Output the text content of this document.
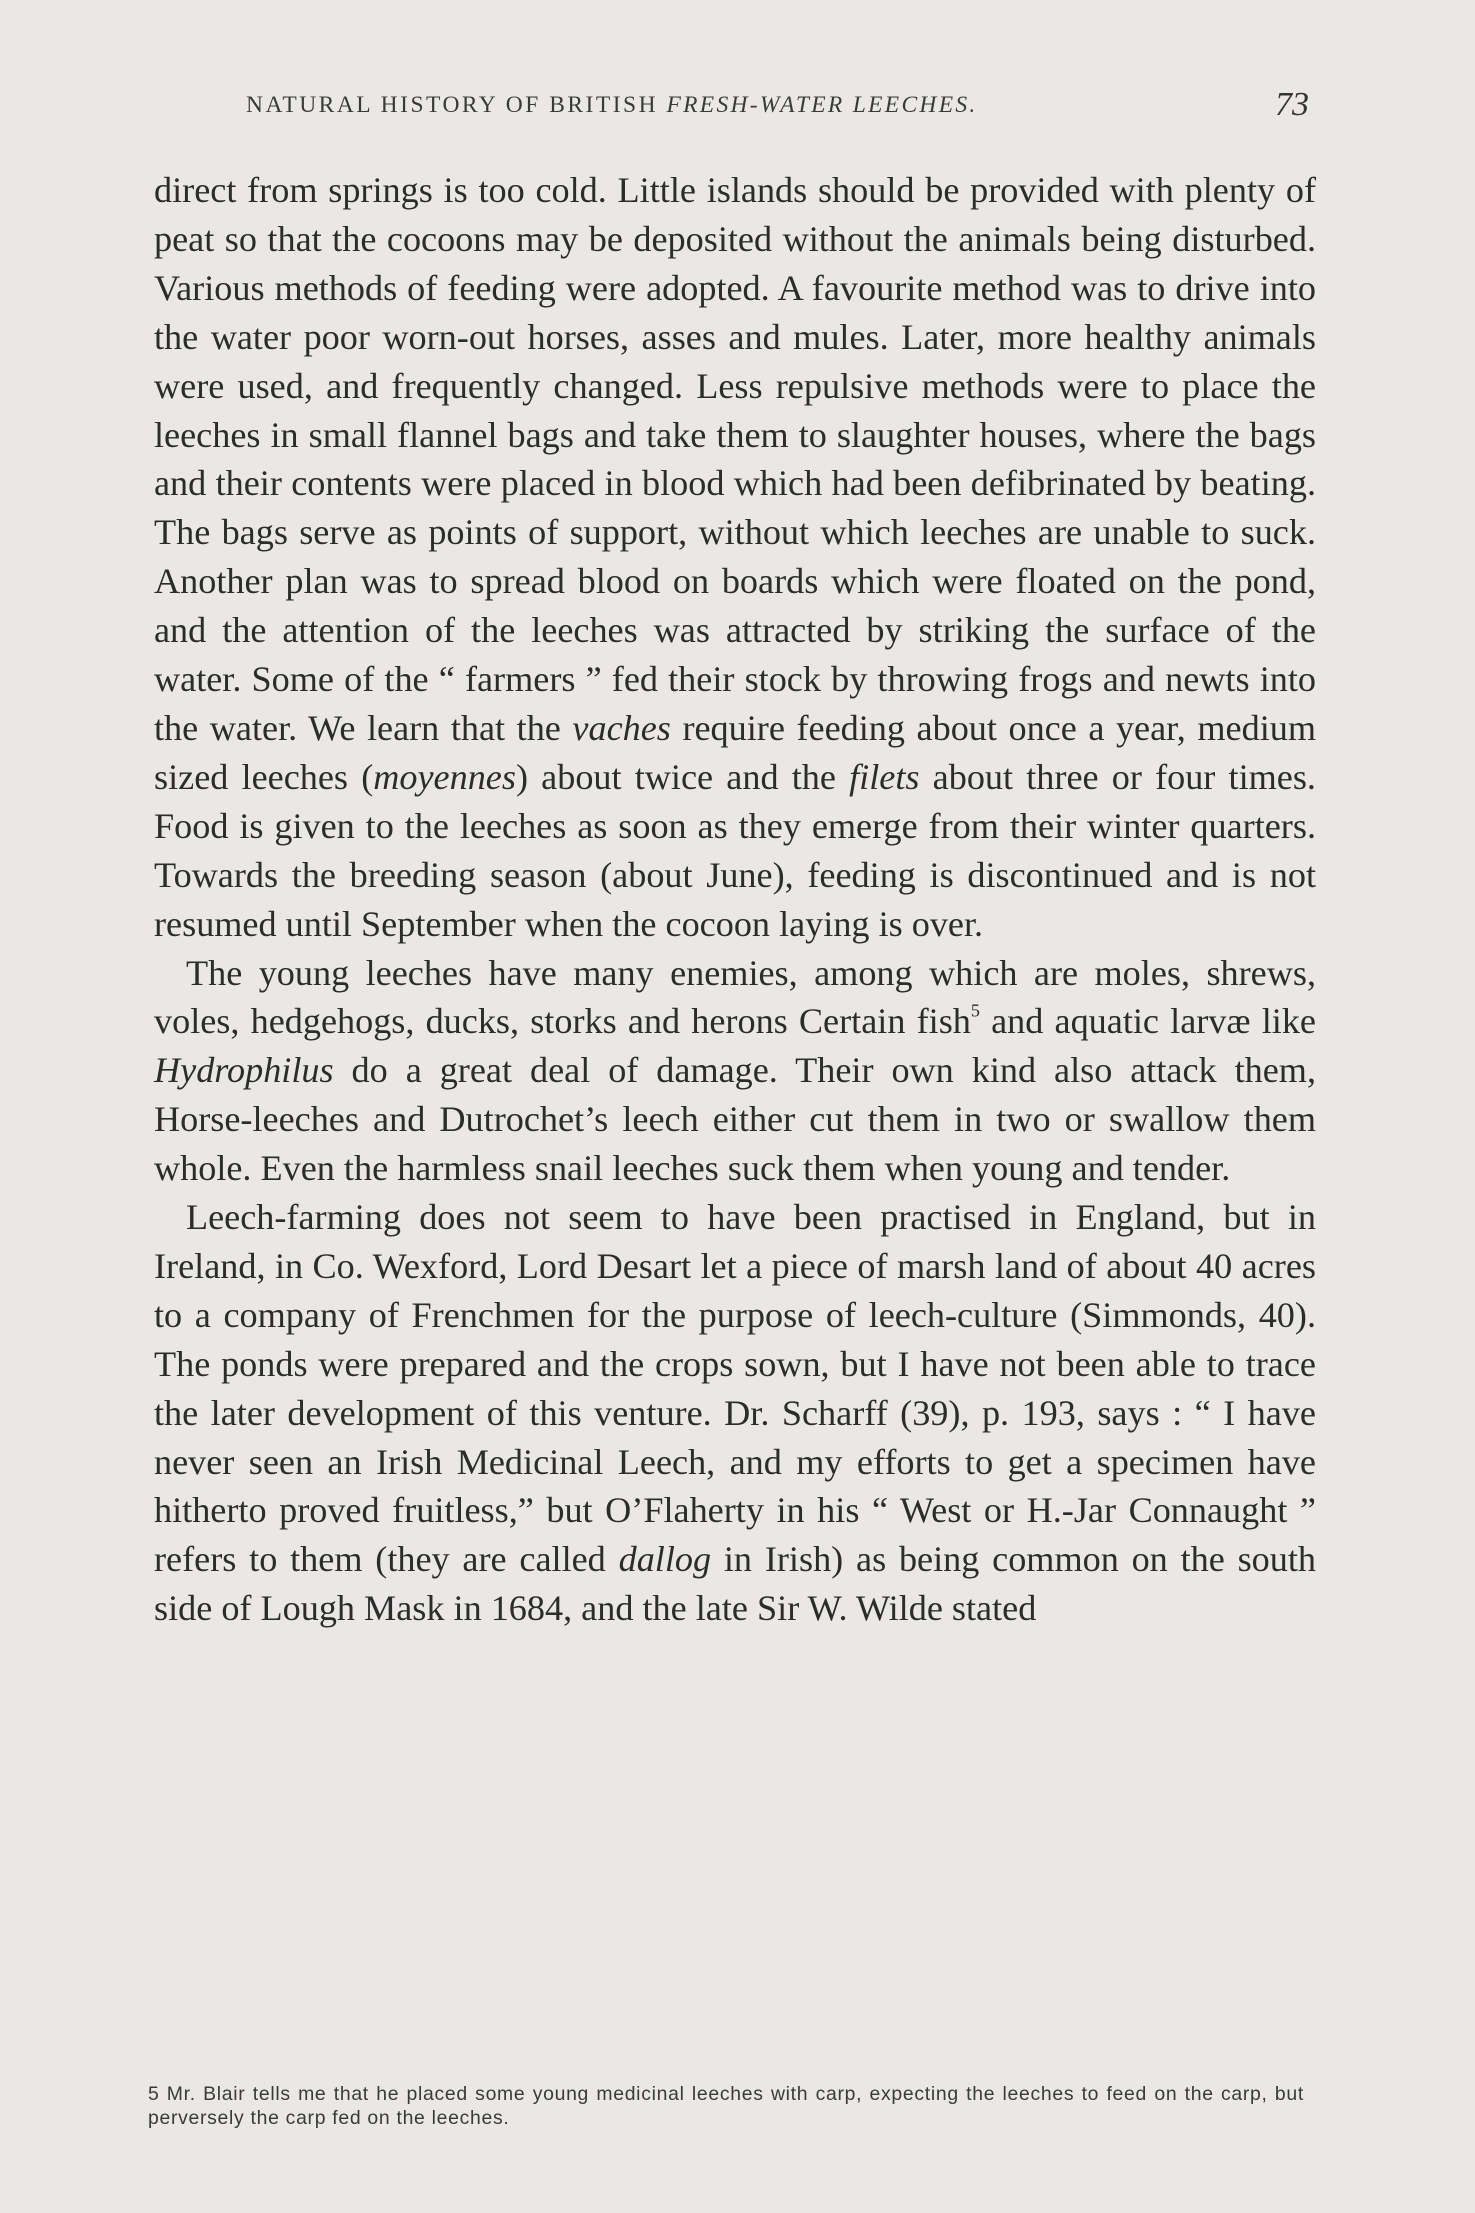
NATURAL HISTORY OF BRITISH FRESH-WATER LEECHES.	73

direct from springs is too cold. Little islands should be provided with plenty of peat so that the cocoons may be deposited without the animals being disturbed. Various methods of feeding were adopted. A favourite method was to drive into the water poor worn-out horses, asses and mules. Later, more healthy animals were used, and frequently changed. Less repulsive methods were to place the leeches in small flannel bags and take them to slaughter houses, where the bags and their contents were placed in blood which had been defibrinated by beating. The bags serve as points of support, without which leeches are unable to suck. Another plan was to spread blood on boards which were floated on the pond, and the attention of the leeches was attracted by striking the surface of the water. Some of the “ farmers ” fed their stock by throwing frogs and newts into the water. We learn that the vaches require feeding about once a year, medium sized leeches (moyennes) about twice and the filets about three or four times. Food is given to the leeches as soon as they emerge from their winter quarters. Towards the breeding season (about June), feeding is discontinued and is not resumed until September when the cocoon laying is over.

The young leeches have many enemies, among which are moles, shrews, voles, hedgehogs, ducks, storks and herons Certain fish$^5$ and aquatic larvæ like Hydrophilus do a great deal of damage. Their own kind also attack them, Horse-leeches and Dutrochet’s leech either cut them in two or swallow them whole. Even the harmless snail leeches suck them when young and tender.

Leech-farming does not seem to have been practised in England, but in Ireland, in Co. Wexford, Lord Desart let a piece of marsh land of about 40 acres to a company of Frenchmen for the purpose of leech-culture (Simmonds, 40). The ponds were prepared and the crops sown, but I have not been able to trace the later development of this venture. Dr. Scharff (39), p. 193, says : “ I have never seen an Irish Medicinal Leech, and my efforts to get a specimen have hitherto proved fruitless,” but O’Flaherty in his “ West or H.-Jar Connaught ” refers to them (they are called dallog in Irish) as being common on the south side of Lough Mask in 1684, and the late Sir W. Wilde stated

5 Mr. Blair tells me that he placed some young medicinal leeches with carp, expecting the leeches to feed on the carp, but perversely the carp fed on the leeches.
